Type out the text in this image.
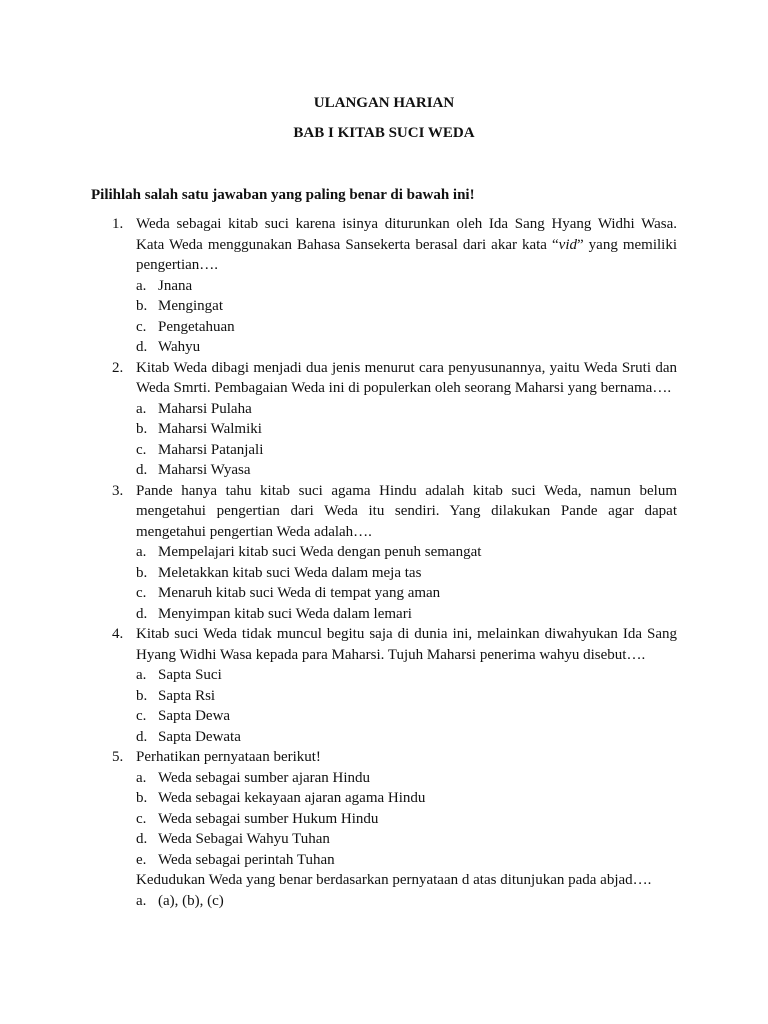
ULANGAN HARIAN
BAB I KITAB SUCI WEDA
Pilihlah salah satu jawaban yang paling benar di bawah ini!
1. Weda sebagai kitab suci karena isinya diturunkan oleh Ida Sang Hyang Widhi Wasa.
Kata Weda menggunakan Bahasa Sansekerta berasal dari akar kata “vid” yang memiliki
pengertian….
a. Jnana
b. Mengingat
c. Pengetahuan
d. Wahyu
2. Kitab Weda dibagi menjadi dua jenis menurut cara penyusunannya, yaitu Weda Sruti dan
Weda Smrti. Pembagaian Weda ini di populerkan oleh seorang Maharsi yang bernama….
a. Maharsi Pulaha
b. Maharsi Walmiki
c. Maharsi Patanjali
d. Maharsi Wyasa
3. Pande hanya tahu kitab suci agama Hindu adalah kitab suci Weda, namun belum
mengetahui pengertian dari Weda itu sendiri. Yang dilakukan Pande agar dapat
mengetahui pengertian Weda adalah….
a. Mempelajari kitab suci Weda dengan penuh semangat
b. Meletakkan kitab suci Weda dalam meja tas
c. Menaruh kitab suci Weda di tempat yang aman
d. Menyimpan kitab suci Weda dalam lemari
4. Kitab suci Weda tidak muncul begitu saja di dunia ini, melainkan diwahyukan Ida Sang
Hyang Widhi Wasa kepada para Maharsi. Tujuh Maharsi penerima wahyu disebut….
a. Sapta Suci
b. Sapta Rsi
c. Sapta Dewa
d. Sapta Dewata
5. Perhatikan pernyataan berikut!
a. Weda sebagai sumber ajaran Hindu
b. Weda sebagai kekayaan ajaran agama Hindu
c. Weda sebagai sumber Hukum Hindu
d. Weda Sebagai Wahyu Tuhan
e. Weda sebagai perintah Tuhan
Kedudukan Weda yang benar berdasarkan pernyataan d atas ditunjukan pada abjad….
a. (a), (b), (c)
